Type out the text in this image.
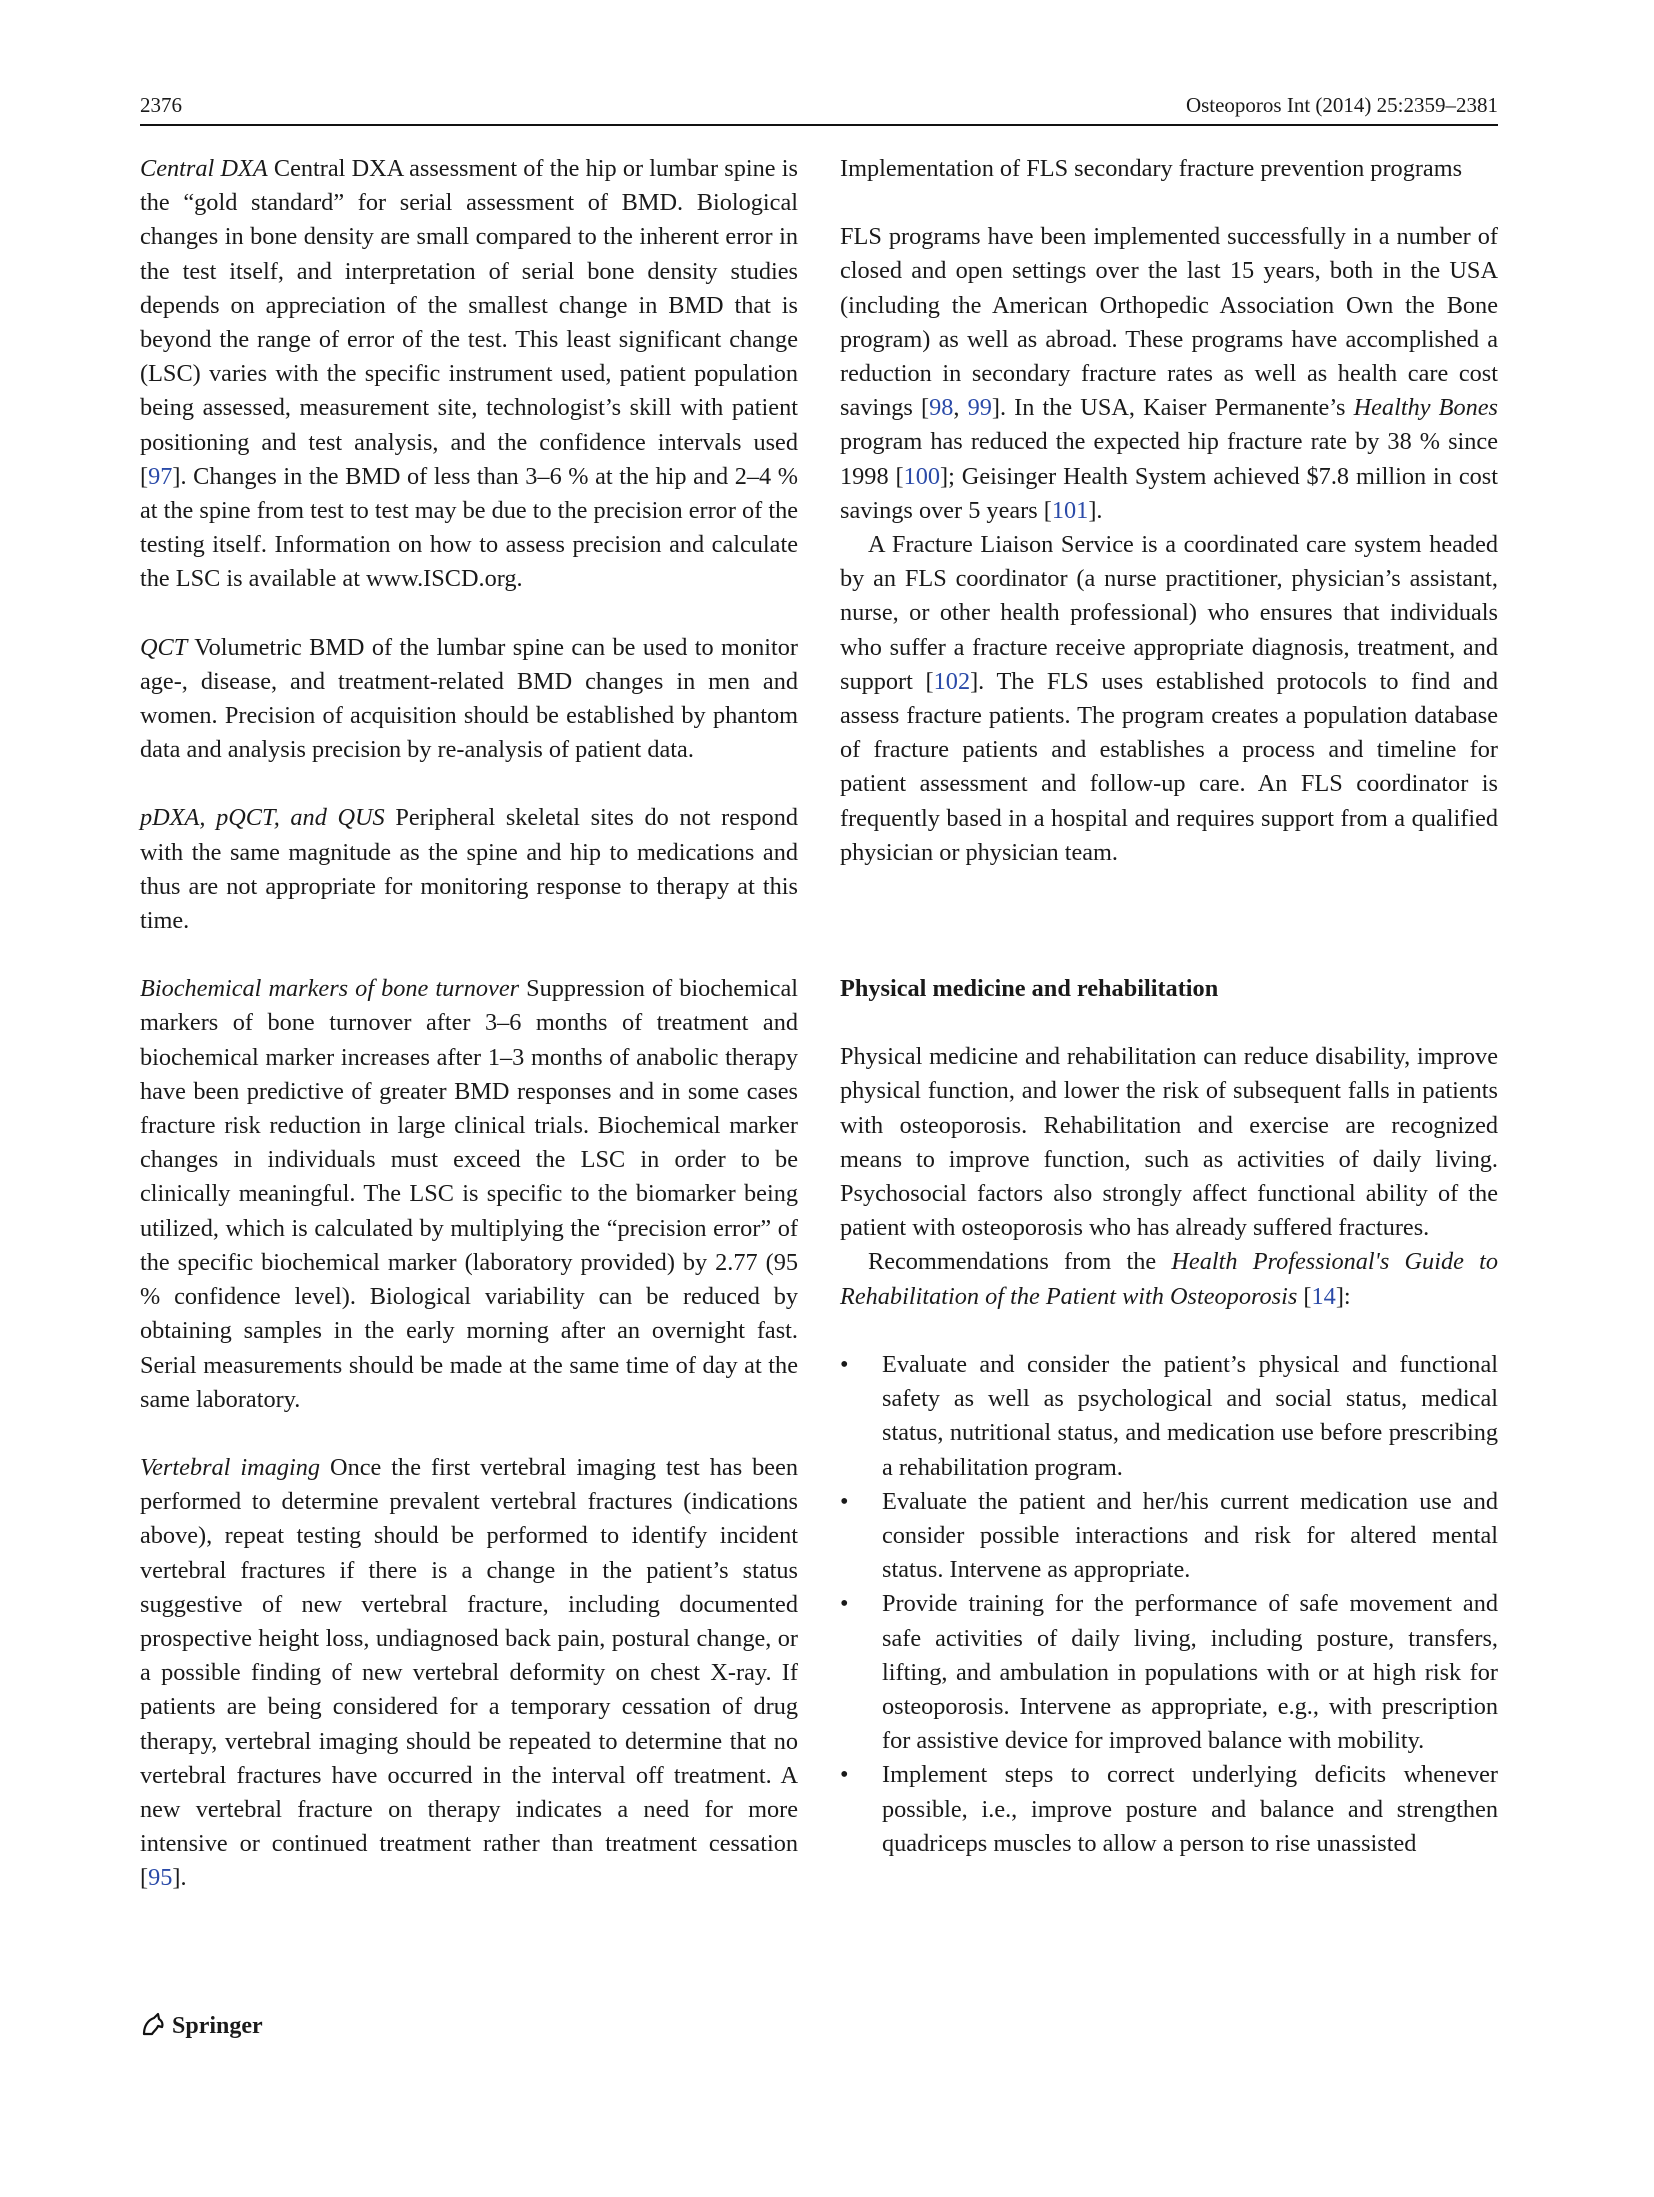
2376	Osteoporos Int (2014) 25:2359–2381

Central DXA Central DXA assessment of the hip or lumbar spine is the “gold standard” for serial assessment of BMD. Biological changes in bone density are small compared to the inherent error in the test itself, and interpretation of serial bone density studies depends on appreciation of the smallest change in BMD that is beyond the range of error of the test. This least significant change (LSC) varies with the specific instrument used, patient population being assessed, measurement site, technologist’s skill with patient positioning and test analysis, and the confidence intervals used [97]. Changes in the BMD of less than 3–6 % at the hip and 2–4 % at the spine from test to test may be due to the precision error of the testing itself. Information on how to assess precision and calculate the LSC is available at www.ISCD.org.

QCT Volumetric BMD of the lumbar spine can be used to monitor age-, disease, and treatment-related BMD changes in men and women. Precision of acquisition should be established by phantom data and analysis precision by re-analysis of patient data.

pDXA, pQCT, and QUS Peripheral skeletal sites do not respond with the same magnitude as the spine and hip to medications and thus are not appropriate for monitoring response to therapy at this time.

Biochemical markers of bone turnover Suppression of biochemical markers of bone turnover after 3–6 months of treatment and biochemical marker increases after 1–3 months of anabolic therapy have been predictive of greater BMD responses and in some cases fracture risk reduction in large clinical trials. Biochemical marker changes in individuals must exceed the LSC in order to be clinically meaningful. The LSC is specific to the biomarker being utilized, which is calculated by multiplying the “precision error” of the specific biochemical marker (laboratory provided) by 2.77 (95 % confidence level). Biological variability can be reduced by obtaining samples in the early morning after an overnight fast. Serial measurements should be made at the same time of day at the same laboratory.

Vertebral imaging Once the first vertebral imaging test has been performed to determine prevalent vertebral fractures (indications above), repeat testing should be performed to identify incident vertebral fractures if there is a change in the patient’s status suggestive of new vertebral fracture, including documented prospective height loss, undiagnosed back pain, postural change, or a possible finding of new vertebral deformity on chest X-ray. If patients are being considered for a temporary cessation of drug therapy, vertebral imaging should be repeated to determine that no vertebral fractures have occurred in the interval off treatment. A new vertebral fracture on therapy indicates a need for more intensive or continued treatment rather than treatment cessation [95].

Implementation of FLS secondary fracture prevention programs

FLS programs have been implemented successfully in a number of closed and open settings over the last 15 years, both in the USA (including the American Orthopedic Association Own the Bone program) as well as abroad. These programs have accomplished a reduction in secondary fracture rates as well as health care cost savings [98, 99]. In the USA, Kaiser Permanente’s Healthy Bones program has reduced the expected hip fracture rate by 38 % since 1998 [100]; Geisinger Health System achieved $7.8 million in cost savings over 5 years [101].

A Fracture Liaison Service is a coordinated care system headed by an FLS coordinator (a nurse practitioner, physician’s assistant, nurse, or other health professional) who ensures that individuals who suffer a fracture receive appropriate diagnosis, treatment, and support [102]. The FLS uses established protocols to find and assess fracture patients. The program creates a population database of fracture patients and establishes a process and timeline for patient assessment and follow-up care. An FLS coordinator is frequently based in a hospital and requires support from a qualified physician or physician team.

Physical medicine and rehabilitation

Physical medicine and rehabilitation can reduce disability, improve physical function, and lower the risk of subsequent falls in patients with osteoporosis. Rehabilitation and exercise are recognized means to improve function, such as activities of daily living. Psychosocial factors also strongly affect functional ability of the patient with osteoporosis who has already suffered fractures.

Recommendations from the Health Professional's Guide to Rehabilitation of the Patient with Osteoporosis [14]:

• Evaluate and consider the patient’s physical and functional safety as well as psychological and social status, medical status, nutritional status, and medication use before prescribing a rehabilitation program.
• Evaluate the patient and her/his current medication use and consider possible interactions and risk for altered mental status. Intervene as appropriate.
• Provide training for the performance of safe movement and safe activities of daily living, including posture, transfers, lifting, and ambulation in populations with or at high risk for osteoporosis. Intervene as appropriate, e.g., with prescription for assistive device for improved balance with mobility.
• Implement steps to correct underlying deficits whenever possible, i.e., improve posture and balance and strengthen quadriceps muscles to allow a person to rise unassisted
Springer
